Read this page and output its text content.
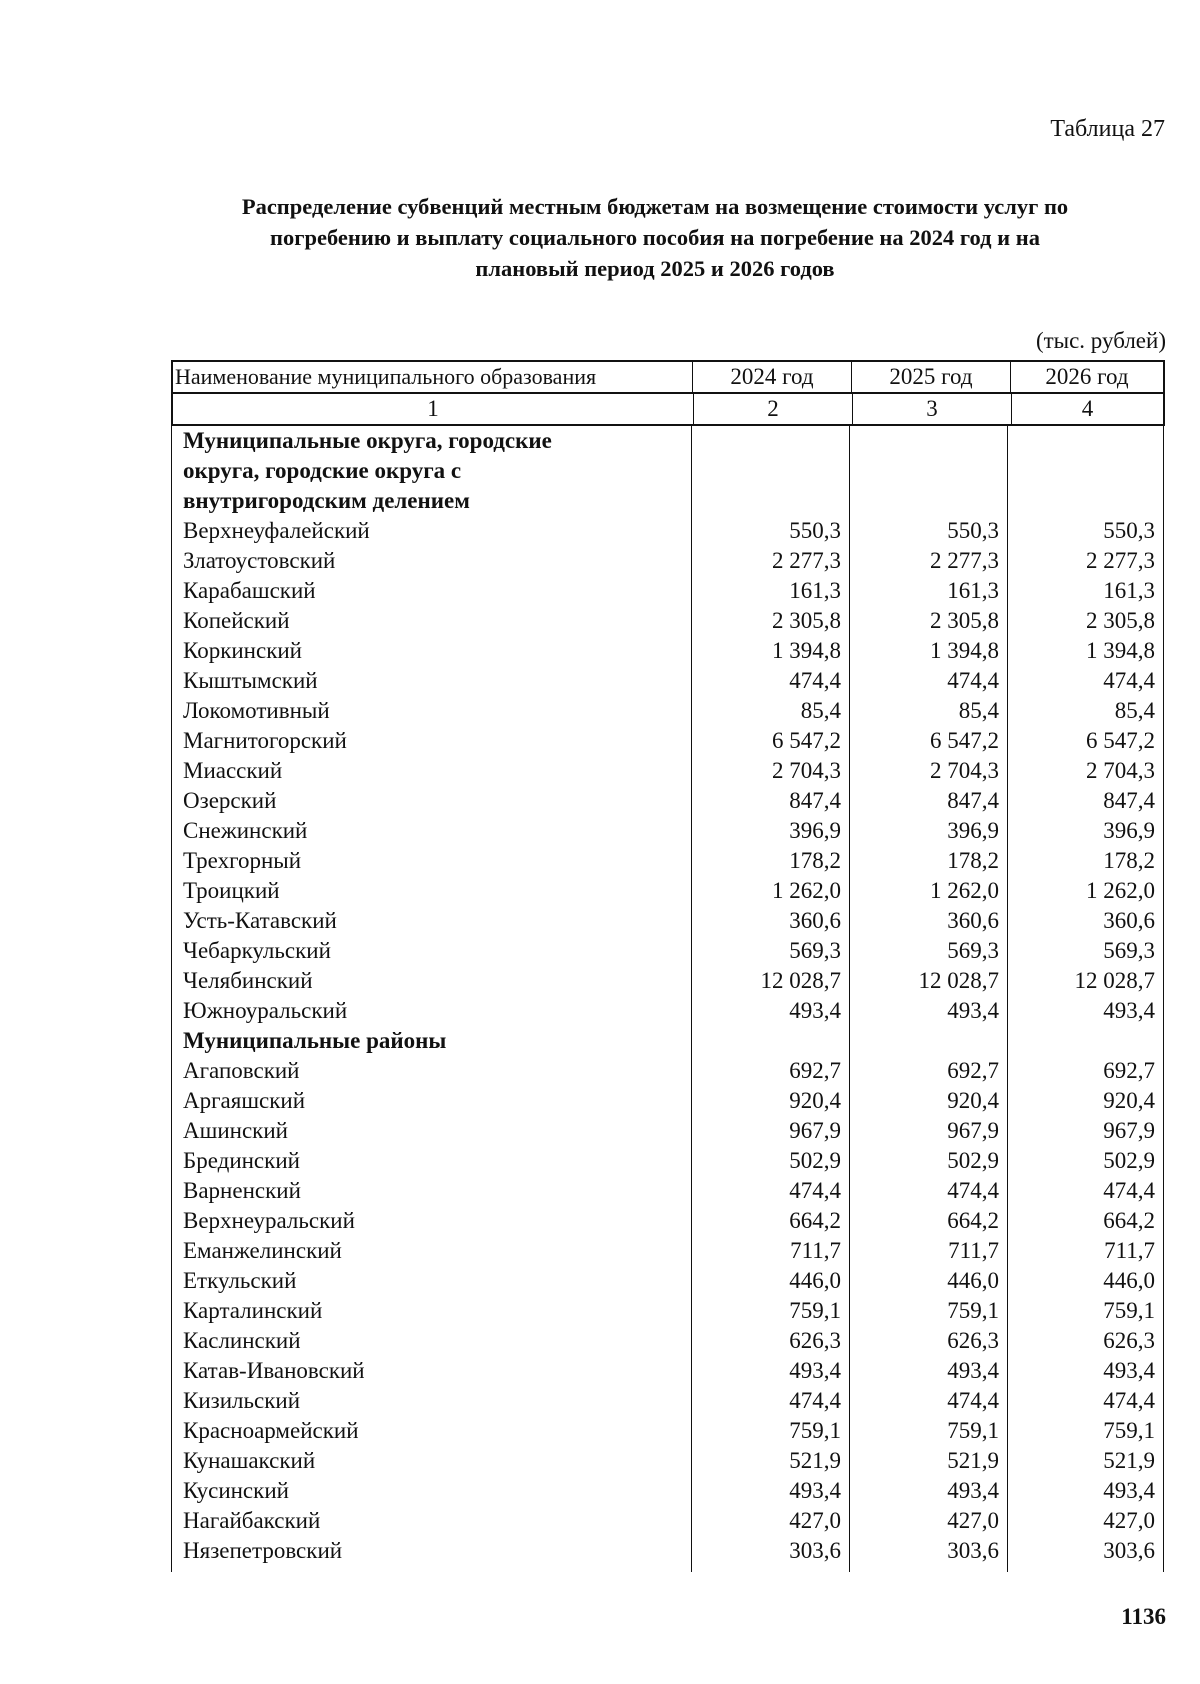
Таблица 27
Распределение субвенций местным бюджетам на возмещение стоимости услуг по
погребению и выплату социального пособия на погребение на 2024 год и на
плановый период 2025 и 2026 годов
(тыс. рублей)
Наименование муниципального образования	2024 год	2025 год	2026 год
1	2	3	4
Муниципальные округа, городские
округа, городские округа с
внутригородским делением
Верхнеуфалейский	550,3	550,3	550,3
Златоустовский	2 277,3	2 277,3	2 277,3
Карабашский	161,3	161,3	161,3
Копейский	2 305,8	2 305,8	2 305,8
Коркинский	1 394,8	1 394,8	1 394,8
Кыштымский	474,4	474,4	474,4
Локомотивный	85,4	85,4	85,4
Магнитогорский	6 547,2	6 547,2	6 547,2
Миасский	2 704,3	2 704,3	2 704,3
Озерский	847,4	847,4	847,4
Снежинский	396,9	396,9	396,9
Трехгорный	178,2	178,2	178,2
Троицкий	1 262,0	1 262,0	1 262,0
Усть-Катавский	360,6	360,6	360,6
Чебаркульский	569,3	569,3	569,3
Челябинский	12 028,7	12 028,7	12 028,7
Южноуральский	493,4	493,4	493,4
Муниципальные районы
Агаповский	692,7	692,7	692,7
Аргаяшский	920,4	920,4	920,4
Ашинский	967,9	967,9	967,9
Брединский	502,9	502,9	502,9
Варненский	474,4	474,4	474,4
Верхнеуральский	664,2	664,2	664,2
Еманжелинский	711,7	711,7	711,7
Еткульский	446,0	446,0	446,0
Карталинский	759,1	759,1	759,1
Каслинский	626,3	626,3	626,3
Катав-Ивановский	493,4	493,4	493,4
Кизильский	474,4	474,4	474,4
Красноармейский	759,1	759,1	759,1
Кунашакский	521,9	521,9	521,9
Кусинский	493,4	493,4	493,4
Нагайбакский	427,0	427,0	427,0
Нязепетровский	303,6	303,6	303,6
1136
